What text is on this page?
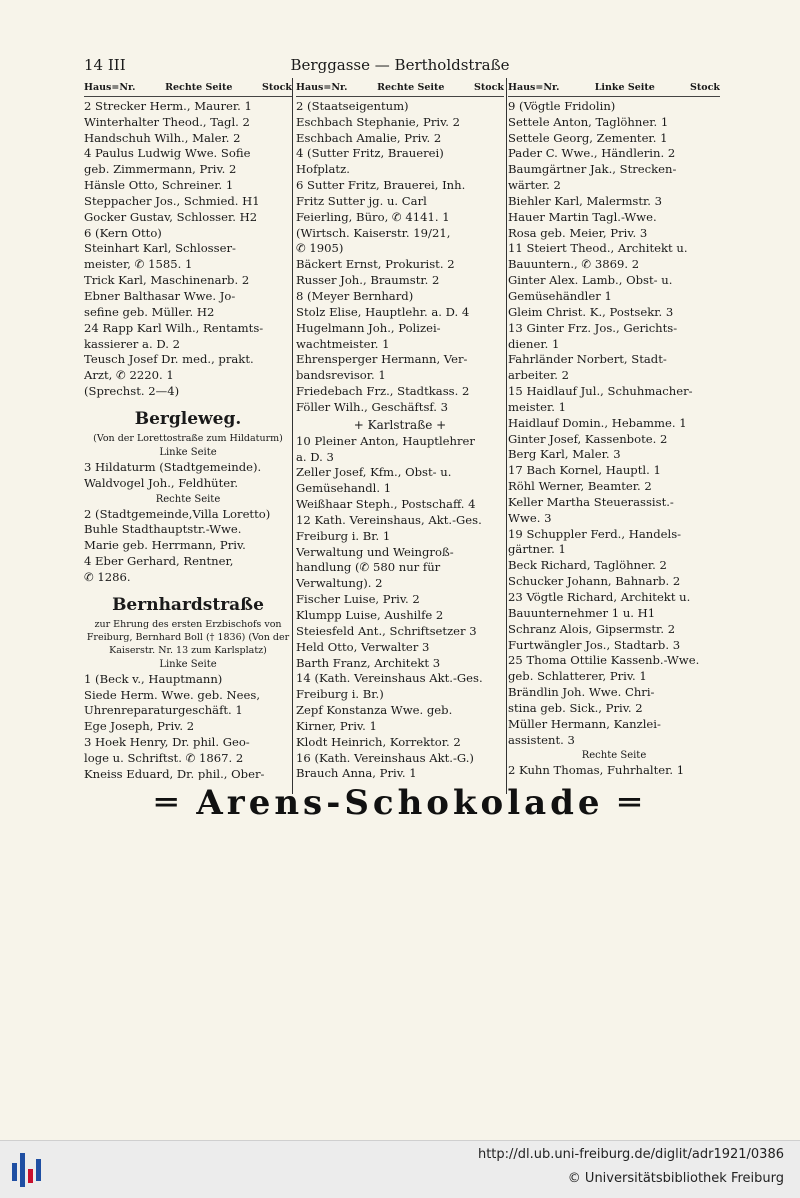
14 III	Berggasse — Bertholdstraße
Haus=Nr.	Rechte Seite	Stock
2 Strecker Herm., Maurer. 1
Winterhalter Theod., Tagl. 2
Handschuh Wilh., Maler. 2
4 Paulus Ludwig Wwe. Sofie
geb. Zimmermann, Priv. 2
Hänsle Otto, Schreiner. 1
Steppacher Jos., Schmied. H1
Gocker Gustav, Schlosser. H2
6 (Kern Otto)
Steinhart Karl, Schlosser-
meister, ✆ 1585. 1
Trick Karl, Maschinenarb. 2
Ebner Balthasar Wwe. Jo-
sefine geb. Müller. H2
24 Rapp Karl Wilh., Rentamts-
kassierer a. D. 2
Teusch Josef Dr. med., prakt.
Arzt, ✆ 2220. 1
(Sprechst. 2—4)
Bergleweg.
(Von der Lorettostraße zum Hildaturm)
Linke Seite
3 Hildaturm (Stadtgemeinde).
Waldvogel Joh., Feldhüter.
Rechte Seite
2 (Stadtgemeinde,Villa Loretto)
Buhle Stadthauptstr.-Wwe.
Marie geb. Herrmann, Priv.
4 Eber Gerhard, Rentner,
✆ 1286.
Bernhardstraße
zur Ehrung des ersten Erzbischofs von Freiburg, Bernhard Boll († 1836) (Von der Kaiserstr. Nr. 13 zum Karlsplatz)
Linke Seite
1 (Beck v., Hauptmann)
Siede Herm. Wwe. geb. Nees,
Uhrenreparaturgeschäft. 1
Ege Joseph, Priv. 2
3 Hoek Henry, Dr. phil. Geo-
loge u. Schriftst. ✆ 1867. 2
Kneiss Eduard, Dr. phil., Ober-
Haus=Nr.	Rechte Seite	Stock
2 (Staatseigentum)
Eschbach Stephanie, Priv. 2
Eschbach Amalie, Priv. 2
4 (Sutter Fritz, Brauerei)
Hofplatz.
6 Sutter Fritz, Brauerei, Inh.
Fritz Sutter jg. u. Carl
Feierling, Büro, ✆ 4141. 1
(Wirtsch. Kaiserstr. 19/21,
✆ 1905)
Bäckert Ernst, Prokurist. 2
Russer Joh., Braumstr. 2
8 (Meyer Bernhard)
Stolz Elise, Hauptlehr. a. D. 4
Hugelmann Joh., Polizei-
wachtmeister. 1
Ehrensperger Hermann, Ver-
bandsrevisor. 1
Friedebach Frz., Stadtkass. 2
Föller Wilh., Geschäftsf. 3
+ Karlstraße +
10 Pleiner Anton, Hauptlehrer
a. D. 3
Zeller Josef, Kfm., Obst- u.
Gemüsehandl. 1
Weißhaar Steph., Postschaff. 4
12 Kath. Vereinshaus, Akt.-Ges.
Freiburg i. Br. 1
Verwaltung und Weingroß-
handlung (✆ 580 nur für
Verwaltung). 2
Fischer Luise, Priv. 2
Klumpp Luise, Aushilfe 2
Steiesfeld Ant., Schriftsetzer 3
Held Otto, Verwalter 3
Barth Franz, Architekt 3
14 (Kath. Vereinshaus Akt.-Ges.
Freiburg i. Br.)
Zepf Konstanza Wwe. geb.
Kirner, Priv. 1
Klodt Heinrich, Korrektor. 2
16 (Kath. Vereinshaus Akt.-G.)
Brauch Anna, Priv. 1
Haus=Nr.	Linke Seite	Stock
9 (Vögtle Fridolin)
Settele Anton, Taglöhner. 1
Settele Georg, Zementer. 1
Pader C. Wwe., Händlerin. 2
Baumgärtner Jak., Strecken-
wärter. 2
Biehler Karl, Malermstr. 3
Hauer Martin Tagl.-Wwe.
Rosa geb. Meier, Priv. 3
11 Steiert Theod., Architekt u.
Bauuntern., ✆ 3869. 2
Ginter Alex. Lamb., Obst- u.
Gemüsehändler 1
Gleim Christ. K., Postsekr. 3
13 Ginter Frz. Jos., Gerichts-
diener. 1
Fahrländer Norbert, Stadt-
arbeiter. 2
15 Haidlauf Jul., Schuhmacher-
meister. 1
Haidlauf Domin., Hebamme. 1
Ginter Josef, Kassenbote. 2
Berg Karl, Maler. 3
17 Bach Kornel, Hauptl. 1
Röhl Werner, Beamter. 2
Keller Martha Steuerassist.-
Wwe. 3
19 Schuppler Ferd., Handels-
gärtner. 1
Beck Richard, Taglöhner. 2
Schucker Johann, Bahnarb. 2
23 Vögtle Richard, Architekt u.
Bauunternehmer 1 u. H1
Schranz Alois, Gipsermstr. 2
Furtwängler Jos., Stadtarb. 3
25 Thoma Ottilie Kassenb.-Wwe.
geb. Schlatterer, Priv. 1
Brändlin Joh. Wwe. Chri-
stina geb. Sick., Priv. 2
Müller Hermann, Kanzlei-
assistent. 3
Rechte Seite
2 Kuhn Thomas, Fuhrhalter. 1
═ Arens-Schokolade ═
http://dl.ub.uni-freiburg.de/diglit/adr1921/0386
© Universitätsbibliothek Freiburg
